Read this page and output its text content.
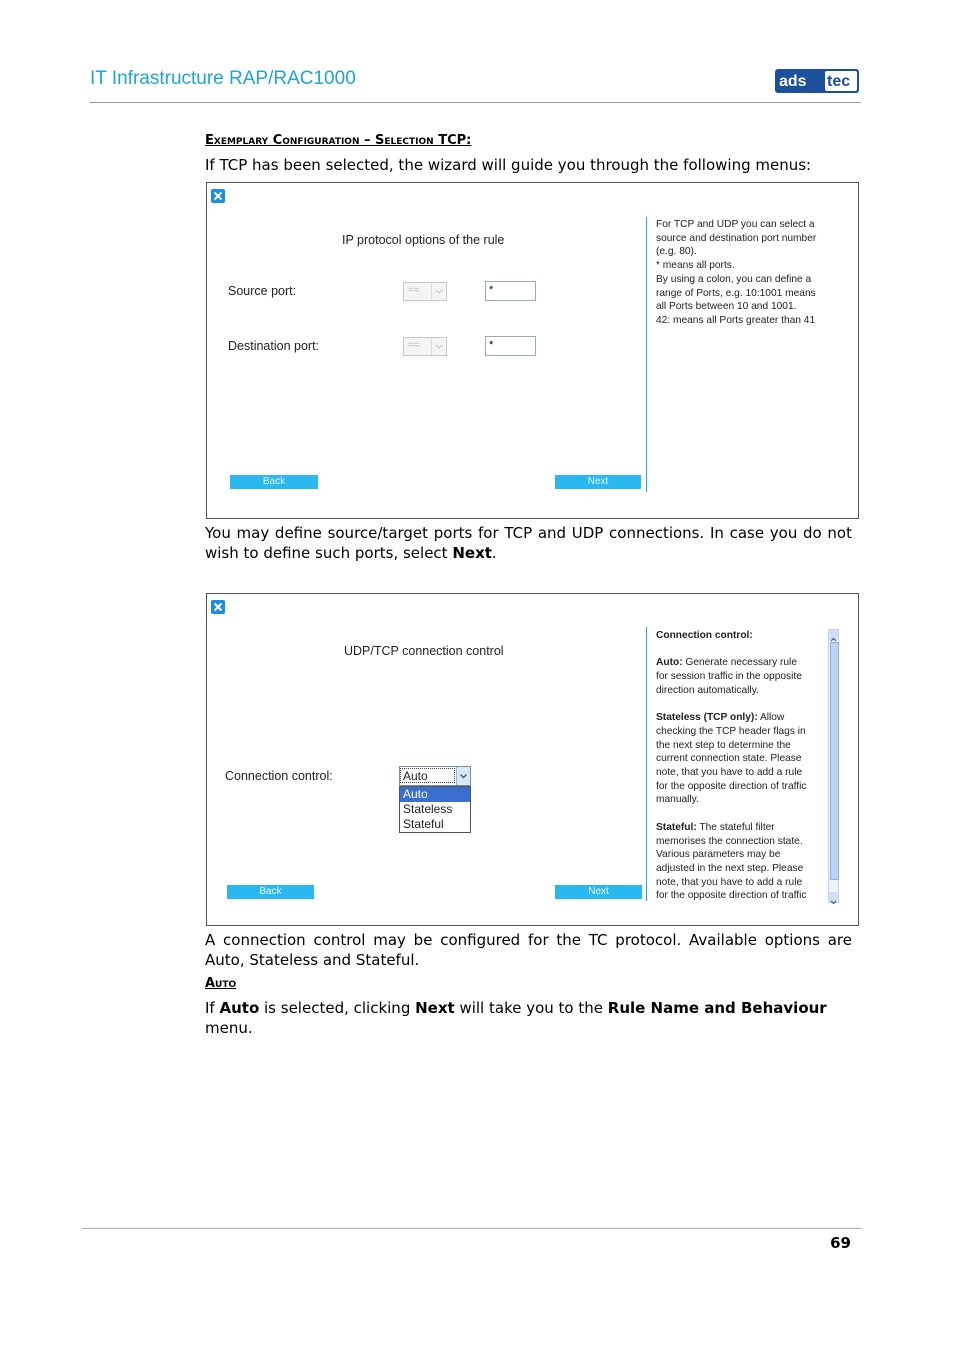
IT Infrastructure RAP/RAC1000	ads tec
Exemplary Configuration – Selection TCP:
If TCP has been selected, the wizard will guide you through the following menus:
IP protocol options of the rule
Source port:	==	*
Destination port:	==	*
Back	Next
For TCP and UDP you can select a
source and destination port number
(e.g. 80).
* means all ports.
By using a colon, you can define a
range of Ports, e.g. 10:1001 means
all Ports between 10 and 1001.
42: means all Ports greater than 41
You may define source/target ports for TCP and UDP connections. In case you do not wish to define such ports, select Next.
UDP/TCP connection control
Connection control:	Auto
Auto
Stateless
Stateful
Back	Next
Connection control:
Auto: Generate necessary rule
for session traffic in the opposite
direction automatically.
Stateless (TCP only): Allow
checking the TCP header flags in
the next step to determine the
current connection state. Please
note, that you have to add a rule
for the opposite direction of traffic
manually.
Stateful: The stateful filter
memorises the connection state.
Various parameters may be
adjusted in the next step. Please
note, that you have to add a rule
for the opposite direction of traffic
A connection control may be configured for the TC protocol. Available options are Auto, Stateless and Stateful.
Auto
If Auto is selected, clicking Next will take you to the Rule Name and Behaviour menu.
69
